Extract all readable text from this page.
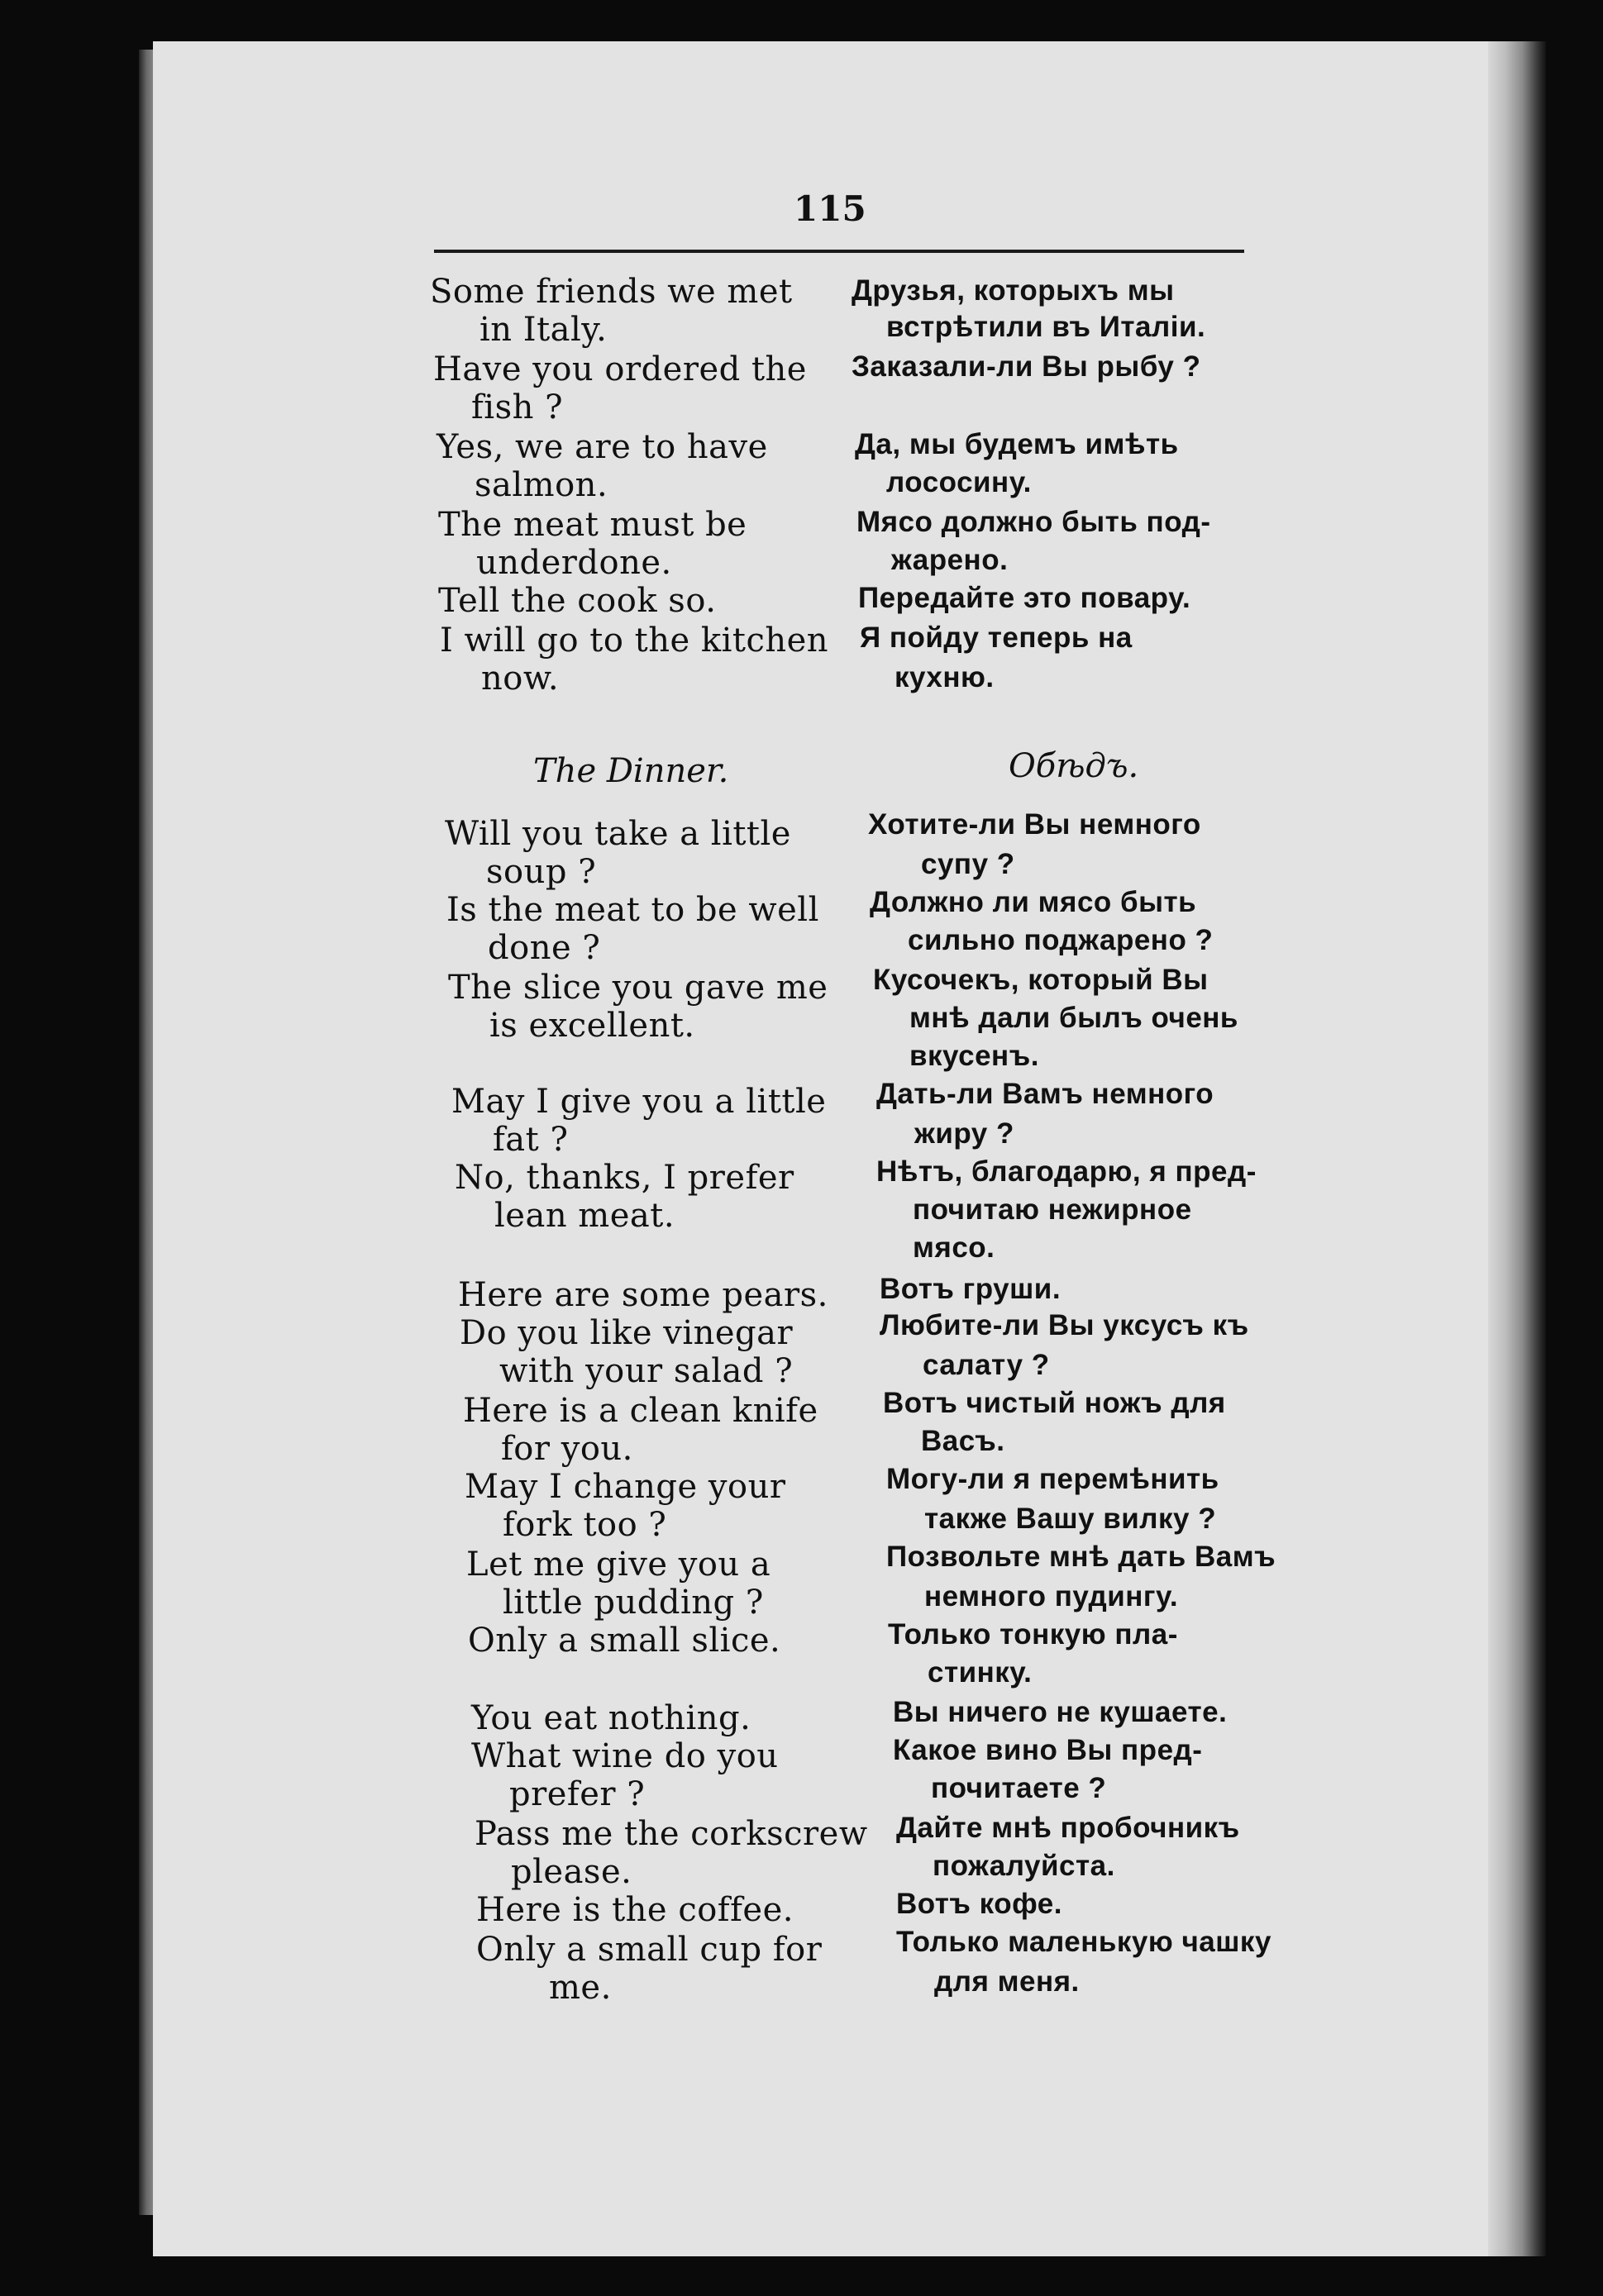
115
Some friends we met
in Italy.
Have you ordered the
fish ?
Yes, we are to have
salmon.
The meat must be
underdone.
Tell the cook so.
I will go to the kitchen
now.
Друзья, которыхъ мы
встрѣтили въ Италіи.
Заказали-ли Вы рыбу ?
Да, мы будемъ имѣть
лососину.
Мясо должно быть под-
жарено.
Передайте это повару.
Я пойду теперь на
кухню.
The Dinner.	Обѣдъ.
Will you take a little
soup ?
Is the meat to be well
done ?
The slice you gave me
is excellent.
May I give you a little
fat ?
No, thanks, I prefer
lean meat.
Here are some pears.
Do you like vinegar
with your salad ?
Here is a clean knife
for you.
May I change your
fork too ?
Let me give you a
little pudding ?
Only a small slice.
You eat nothing.
What wine do you
prefer ?
Pass me the corkscrew
please.
Here is the coffee.
Only a small cup for
me.
Хотите-ли Вы немного
супу ?
Должно ли мясо быть
сильно поджарено ?
Кусочекъ, который Вы
мнѣ дали былъ очень
вкусенъ.
Дать-ли Вамъ немного
жиру ?
Нѣтъ, благодарю, я пред-
почитаю нежирное
мясо.
Вотъ груши.
Любите-ли Вы уксусъ къ
салату ?
Вотъ чистый ножъ для
Васъ.
Могу-ли я перемѣнить
также Вашу вилку ?
Позвольте мнѣ дать Вамъ
немного пудингу.
Только тонкую пла-
стинку.
Вы ничего не кушаете.
Какое вино Вы пред-
почитаете ?
Дайте мнѣ пробочникъ
пожалуйста.
Вотъ кофе.
Только маленькую чашку
для меня.
